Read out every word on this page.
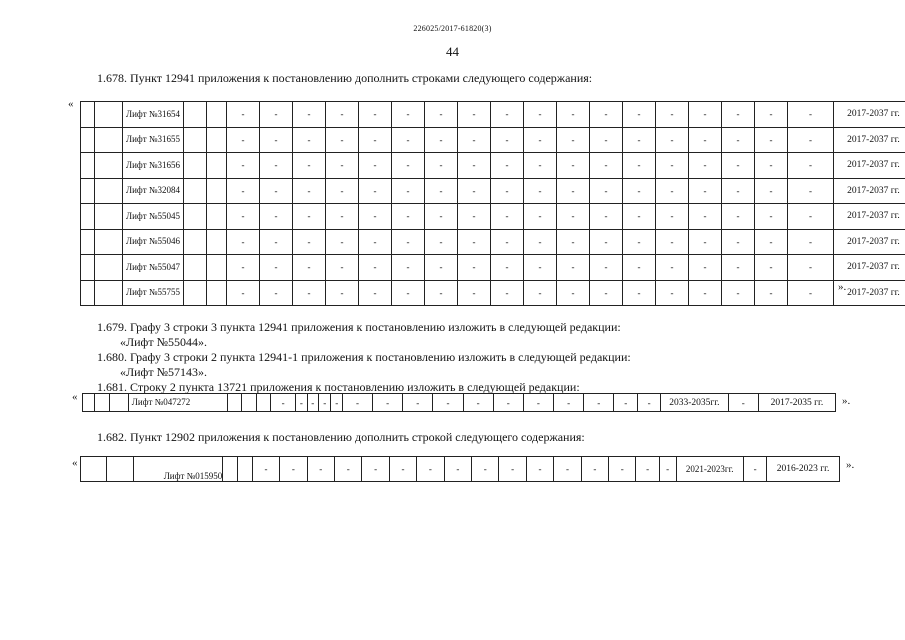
226025/2017-61820(3)
44
1.678. Пункт 12941 приложения к постановлению дополнить строками следующего содержания:
«
		Лифт №31654			-	-	-	-	-	-	-	-	-	-	-	-	-	-	-	-	-	-	2017-2037 гг.
		Лифт №31655			-	-	-	-	-	-	-	-	-	-	-	-	-	-	-	-	-	-	2017-2037 гг.
		Лифт №31656			-	-	-	-	-	-	-	-	-	-	-	-	-	-	-	-	-	-	2017-2037 гг.
		Лифт №32084			-	-	-	-	-	-	-	-	-	-	-	-	-	-	-	-	-	-	2017-2037 гг.
		Лифт №55045			-	-	-	-	-	-	-	-	-	-	-	-	-	-	-	-	-	-	2017-2037 гг.
		Лифт №55046			-	-	-	-	-	-	-	-	-	-	-	-	-	-	-	-	-	-	2017-2037 гг.
		Лифт №55047			-	-	-	-	-	-	-	-	-	-	-	-	-	-	-	-	-	-	2017-2037 гг.
		Лифт №55755			-	-	-	-	-	-	-	-	-	-	-	-	-	-	-	-	-	-	2017-2037 гг.
».
1.679. Графу 3 строки 3 пункта 12941 приложения к постановлению изложить в следующей редакции:
«Лифт №55044».
1.680. Графу 3 строки 2 пункта 12941-1 приложения к постановлению изложить в следующей редакции:
«Лифт №57143».
1.681. Строку 2 пункта 13721 приложения к постановлению изложить в следующей редакции:
«
				Лифт №047272				-	-	-	-	-	-	-	-	-	-	-	-	-	-	-	-	2033-2035гг.	-	2017-2035 гг. ».
1.682. Пункт 12902 приложения к постановлению дополнить строкой следующего содержания:
«
		Лифт №015950			-	-	-	-	-	-	-	-	-	-	-	-	-	-	-	-	2021-2023гг.	-	2016-2023 гг. ».
